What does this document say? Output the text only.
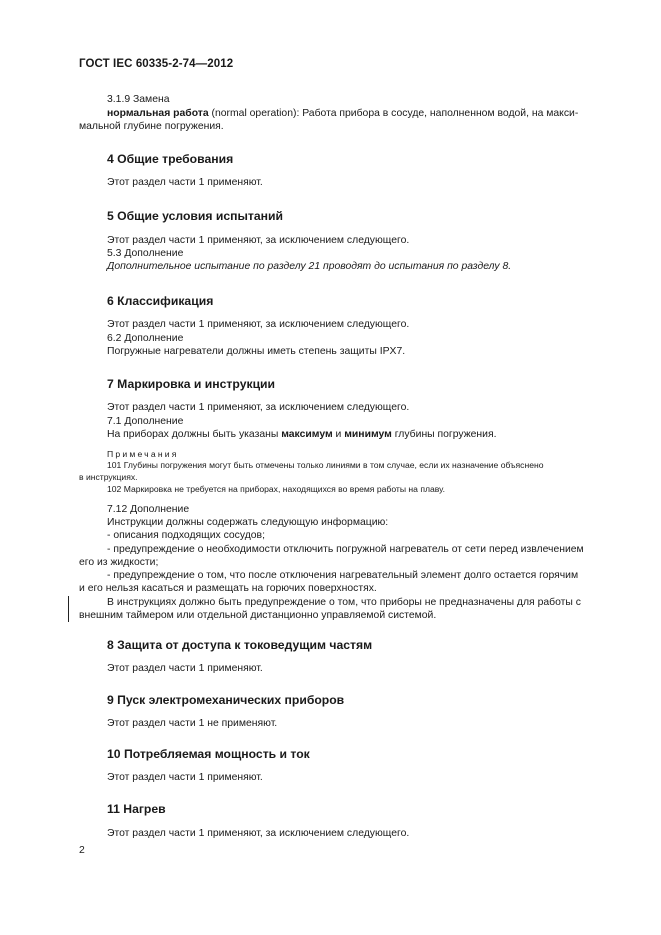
ГОСТ IEC 60335-2-74—2012
3.1.9 Замена
нормальная работа (normal operation): Работа прибора в сосуде, наполненном водой, на макси-
мальной глубине погружения.
4 Общие требования
Этот раздел части 1 применяют.
5 Общие условия испытаний
Этот раздел части 1 применяют, за исключением следующего.
5.3 Дополнение
Дополнительное испытание по разделу 21 проводят до испытания по разделу 8.
6 Классификация
Этот раздел части 1 применяют, за исключением следующего.
6.2 Дополнение
Погружные нагреватели должны иметь степень защиты IPX7.
7 Маркировка и инструкции
Этот раздел части 1 применяют, за исключением следующего.
7.1 Дополнение
На приборах должны быть указаны максимум и минимум глубины погружения.
Примечания
101 Глубины погружения могут быть отмечены только линиями в том случае, если их назначение объяснено
в инструкциях.
102 Маркировка не требуется на приборах, находящихся во время работы на плаву.
7.12 Дополнение
Инструкции должны содержать следующую информацию:
- описания подходящих сосудов;
- предупреждение о необходимости отключить погружной нагреватель от сети перед извлечением
его из жидкости;
- предупреждение о том, что после отключения нагревательный элемент долго остается горячим
и его нельзя касаться и размещать на горючих поверхностях.
В инструкциях должно быть предупреждение о том, что приборы не предназначены для работы с
внешним таймером или отдельной дистанционно управляемой системой.
8 Защита от доступа к токоведущим частям
Этот раздел части 1 применяют.
9 Пуск электромеханических приборов
Этот раздел части 1 не применяют.
10 Потребляемая мощность и ток
Этот раздел части 1 применяют.
11 Нагрев
Этот раздел части 1 применяют, за исключением следующего.
2
